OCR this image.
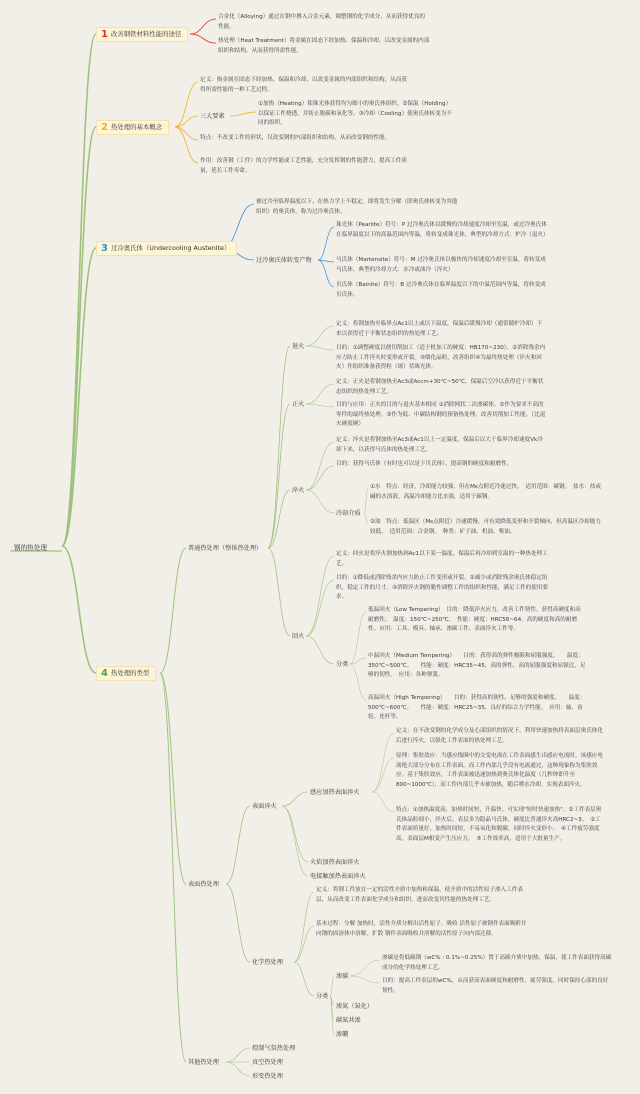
钢的热处理
1 改善钢铁材料性能的途径
2 热处理的基本概念
3 过冷奥氏体（Undercooling Austenite）
4 热处理的类型
合金化（Alloying）通过在钢中掺入合金元素，调整钢的化学成分，从而获得优良的性能。
热处理（Heat Treatment）将金属在固态下经加热、保温和冷却，以改变金属的内部组织和结构，从而获得所需性能。
定义：指金属在固态下经加热、保温和冷却，以改变金属的内部组织和结构，从而获得所需性能的一种工艺过程。
三大要素
①加热（Heating）使珠光体获得均匀细小的奥氏体组织。②保温（Holding）以保证工件烧透，并防止脱碳和氧化等。③冷却（Cooling）使奥氏体转变为不同的组织。
特点：不改变工件的形状，仅改变钢的内部组织和结构，从而改变钢的性能。
作用：改善钢（工件）的力学性能或工艺性能，充分发挥钢的性能潜力，提高工件质量，延长工件寿命。
被过冷至临界温度以下、在热力学上不稳定，即将发生分解（即奥氏体转变为其他组织）的奥氏体，称为过冷奥氏体。
过冷奥氏体转变产物
珠光体（Pearlite）符号：P 过冷奥氏体以缓慢的冷却速度冷却至室温，或过冷奥氏体在临界温度以下的高温范围内等温，将转变成珠光体。典型的冷却方式：炉冷（退火）
马氏体（Martensite）符号：M 过冷奥氏体以极快的冷却速度冷却至室温，将转变成马氏体。典型的冷却方式：水冷或油冷（淬火）
贝氏体（Bainite）符号：B 过冷奥氏体在临界温度以下的中温范围内等温，将转变成贝氏体。
普通热处理（整体热处理）
退火
定义：将钢加热至临界点Ac1以上或以下温度，保温后缓慢冷却（通常随炉冷却）下来以获得近于平衡状态组织的热处理工艺。
目的：①调整硬度以便切削加工（适于机加工的硬度：HB170~230）。②消除残余内应力防止工件淬火时变形或开裂。③细化晶粒，改善组织④为最终热处理（淬火和回火）作组织准备获得粒（球）状珠光体。
正火
定义：正火是将钢加热至Ac3或Accm+30℃~50℃，保温后空冷以获得近于平衡状态组织的热处理工艺。
目的与应用：正火的目的与退火基本相同 ①消除网状二次渗碳体。②作为要求不高的零件的最终热处理。③作为低、中碳结构钢的预备热处理，改善切削加工性能。（比退火硬度硬）
淬火
定义：淬火是将钢加热至Ac3或Ac1以上一定温度，保温后以大于临界冷却速度Vk冷却下来，以获得马氏体的热处理工艺。
目的：获得马氏体（有时也可以是下贝氏体），提高钢的硬度和耐磨性。
冷却介质
①水　特点：经济，冷却能力较强，但在Ms点附近冷速过快。　适用范围：碳钢。　盐水：盐或碱的水溶液，高温冷却能力比水强，适用于碳钢。
②油　特点：低温区（Ms点附近）冷速缓慢，可有效降低变形和开裂倾向，但高温区冷却能力较低。　适用范围：合金钢。　种类：矿子油、机油、柴油。
回火
定义：回火是将淬火钢加热到Ac1以下某一温度，保温后再冷却到室温的一种热处理工艺。
目的：①降低或消除残余内应力防止工件变形或开裂。②减少或消除残余奥氏体稳定组织，稳定工件的尺寸。③消除淬火钢的脆性调整工件的组织和性能，满足工件的使用要求。
分类
低温回火（Low Tempering）　目的：降低淬火应力，改善工件韧性，获得高硬度和高耐磨性。　温度：150℃~250℃。　性能：硬度：HRC58~64，高的硬度和高的耐磨性。应用：工具、模具、轴承、渗碳工件、表面淬火工件等。
中温回火（Medium Tempering）　　目的：获得高的弹性极限和屈服强度。　　温度：350℃~500℃。　　性能：硬度：HRC35~45，高的弹性，高的屈服强度和屈强比，足够的韧性。　应用：各种弹簧。
高温回火（High Tempering）　　目的：获得高的韧性，足够的强度和硬度。　　温度：500℃~600℃。　　性能：硬度：HRC25~35，良好的综合力学性能。　应用：轴、齿轮、连杆等。
表面热处理
表面淬火
感应加热表面淬火
定义：在不改变钢的化学成分及心部组织的情况下，利用快速加热将表面层奥氏体化后进行淬火，以强化工件表面的热处理工艺。
原理：集肤效应：当感应线圈中的交变电流在工件表面感生出感应电流时，该感应电流绝大部分分布在工件表面，而工件内部几乎没有电流通过，这种现象称为集肤效应。基于集肤效应，工件表面被迅速加热到奥氏体化温度（几秒钟即升至800~1000℃），而工件内部几乎未被加热，随后喷水冷却，实现表面淬火。
特点：①加热温度高，加热时间短，升温快。可实现"短时快速加热"。②工件表层奥氏体晶粒细小，淬火后，表层多为隐晶马氏体，硬度比普通淬火高HRC2~3。　②工件表面质量好，加热时间短，不易氧化和脱碳，同时淬火变形小。　④工件疲劳强度高，表面层M相变产生压应力。　⑤工作效率高，适用于大批量生产。
火焰加热表面淬火
电接触加热表面淬火
化学热处理
定义：将钢工件放在一定的活性介质中加热和保温，使介质中的活性原子渗入工件表层，从而改变工件表面化学成分和组织，进而改变其性能的热处理工艺。
基本过程：分解 加热时，活性介质分解出活性原子。吸收 活性原子被钢件表面吸附并向钢的固溶体中溶解。扩散 钢件表面吸收并溶解的活性原子向内部迁移。
分类
渗碳
渗碳是将低碳钢（wC% : 0.1%~0.25%）置于高碳介质中加热、保温，使工件表面获得高碳成分的化学热处理工艺。
目的：提高工件表层的wC%，从而获高表面硬度和耐磨性、疲劳强度，同时保持心部的良好韧性。
渗氮（氮化）
碳氮共渗
渗硼
其他热处理
控制气氛热处理
真空热处理
形变热处理
